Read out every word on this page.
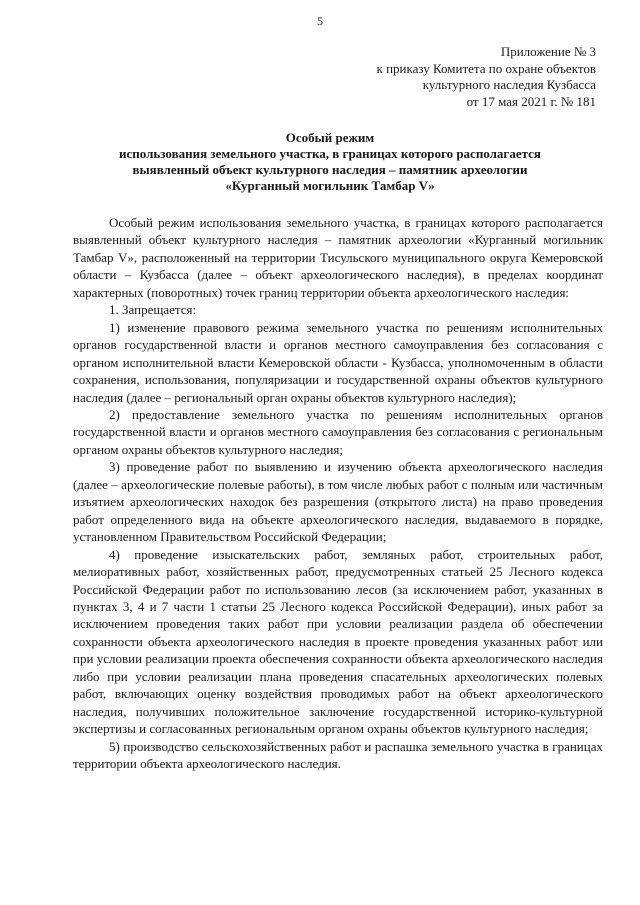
5
Приложение № 3
к приказу Комитета по охране объектов
культурного наследия Кузбасса
от 17 мая 2021 г. № 181
Особый режим
использования земельного участка, в границах которого располагается
выявленный объект культурного наследия – памятник археологии
«Курганный могильник Тамбар V»

Особый режим использования земельного участка, в границах которого располагается выявленный объект культурного наследия – памятник археологии «Курганный могильник Тамбар V», расположенный на территории Тисульского муниципального округа Кемеровской области – Кузбасса (далее – объект археологического наследия), в пределах координат характерных (поворотных) точек границ территории объекта археологического наследия:

1. Запрещается:

1) изменение правового режима земельного участка по решениям исполнительных органов государственной власти и органов местного самоуправления без согласования с органом исполнительной власти Кемеровской области - Кузбасса, уполномоченным в области сохранения, использования, популяризации и государственной охраны объектов культурного наследия (далее – региональный орган охраны объектов культурного наследия);

2) предоставление земельного участка по решениям исполнительных органов государственной власти и органов местного самоуправления без согласования с региональным органом охраны объектов культурного наследия;

3) проведение работ по выявлению и изучению объекта археологического наследия (далее – археологические полевые работы), в том числе любых работ с полным или частичным изъятием археологических находок без разрешения (открытого листа) на право проведения работ определенного вида на объекте археологического наследия, выдаваемого в порядке, установленном Правительством Российской Федерации;

4) проведение изыскательских работ, земляных работ, строительных работ, мелиоративных работ, хозяйственных работ, предусмотренных статьей 25 Лесного кодекса Российской Федерации работ по использованию лесов (за исключением работ, указанных в пунктах 3, 4 и 7 части 1 статьи 25 Лесного кодекса Российской Федерации), иных работ за исключением проведения таких работ при условии реализации раздела об обеспечении сохранности объекта археологического наследия в проекте проведения указанных работ или при условии реализации проекта обеспечения сохранности объекта археологического наследия либо при условии реализации плана проведения спасательных археологических полевых работ, включающих оценку воздействия проводимых работ на объект археологического наследия, получивших положительное заключение государственной историко-культурной экспертизы и согласованных региональным органом охраны объектов культурного наследия;

5) производство сельскохозяйственных работ и распашка земельного участка в границах территории объекта археологического наследия.
